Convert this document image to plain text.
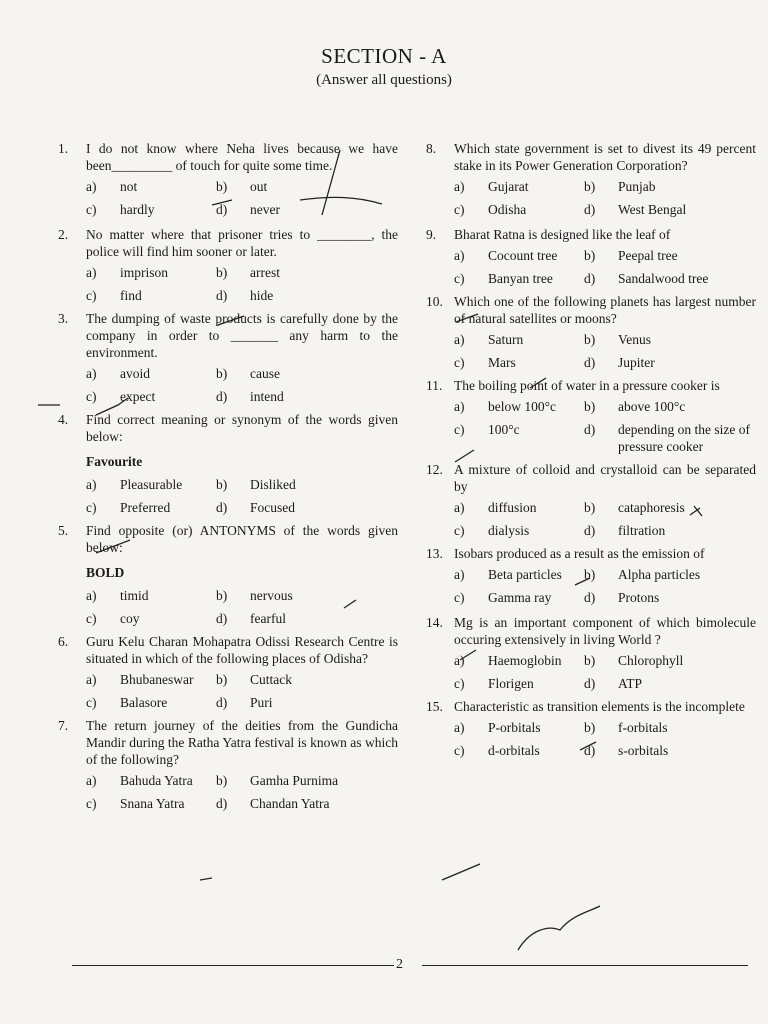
SECTION - A
(Answer all questions)
1.	I do not know where Neha lives because we have been_________ of touch for quite some time.
a)	not	b)	out
c)	hardly	d)	never
2.	No matter where that prisoner tries to ________, the police will find him sooner or later.
a)	imprison	b)	arrest
c)	find	d)	hide
3.	The dumping of waste products is carefully done by the company in order to _______ any harm to the environment.
a)	avoid	b)	cause
c)	expect	d)	intend
4.	Find correct meaning or synonym of the words given below:
Favourite
a)	Pleasurable	b)	Disliked
c)	Preferred	d)	Focused
5.	Find opposite (or) ANTONYMS of the words given below:
BOLD
a)	timid	b)	nervous
c)	coy	d)	fearful
6.	Guru Kelu Charan Mohapatra Odissi Research Centre is situated in which of the following places of Odisha?
a)	Bhubaneswar	b)	Cuttack
c)	Balasore	d)	Puri
7.	The return journey of the deities from the Gundicha Mandir during the Ratha Yatra festival is known as which of the following?
a)	Bahuda Yatra	b)	Gamha Purnima
c)	Snana Yatra	d)	Chandan Yatra
8.	Which state government is set to divest its 49 percent stake in its Power Generation Corporation?
a)	Gujarat	b)	Punjab
c)	Odisha	d)	West Bengal
9.	Bharat Ratna is designed like the leaf of
a)	Cocount tree	b)	Peepal tree
c)	Banyan tree	d)	Sandalwood tree
10. Which one of the following planets has largest number of natural satellites or moons?
a)	Saturn	b)	Venus
c)	Mars	d)	Jupiter
11. The boiling point of water in a pressure cooker is
a)	below 100°c	b)	above 100°c
c)	100°c	d)	depending on the size of pressure cooker
12. A mixture of colloid and crystalloid can be separated by
a)	diffusion	b)	cataphoresis
c)	dialysis	d)	filtration
13. Isobars produced as a result as the emission of
a)	Beta particles	b)	Alpha particles
c)	Gamma ray	d)	Protons
14. Mg is an important component of which bimolecule occuring extensively in living World ?
a)	Haemoglobin	b)	Chlorophyll
c)	Florigen	d)	ATP
15. Characteristic as transition elements is the incomplete
a)	P-orbitals	b)	f-orbitals
c)	d-orbitals	d)	s-orbitals
2
